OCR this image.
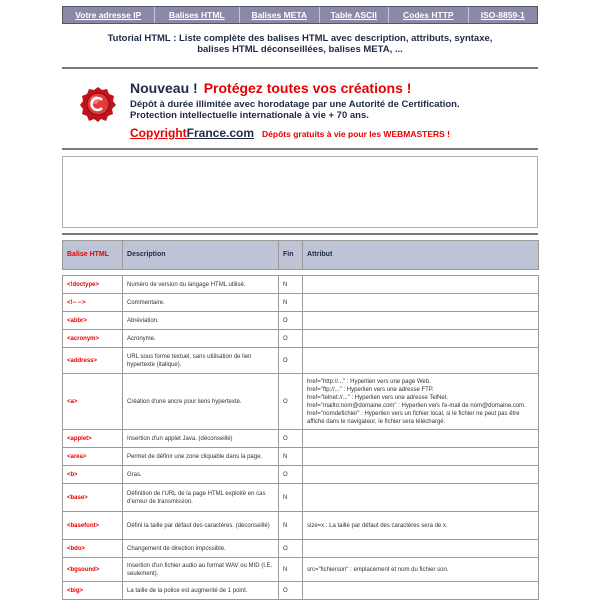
Votre adresse IP	Balises HTML	Balises META	Table ASCII	Codes HTTP	ISO-8859-1
Tutorial HTML : Liste complète des balises HTML avec description, attributs, syntaxe,
balises HTML déconseillées, balises META, ...
Nouveau ! Protégez toutes vos créations !
Dépôt à durée illimitée avec horodatage par une Autorité de Certification.
Protection intellectuelle internationale à vie + 70 ans.
CopyrightFrance.com Dépôts gratuits à vie pour les WEBMASTERS !
Balise HTML	Description	Fin	Attribut

<!doctype>	Numéro de version du langage HTML utilisé.	N	
<!-- -->	Commentaire.	N	
<abbr>	Abréviation.	O	
<acronym>	Acronyme.	O	
<address>	URL sous forme textuel, sans utilisation de lien hypertexte (italique).	O	
<a>	Création d'une ancre pour liens hypertexte.	O	href="http://..." : Hyperlien vers une page Web.
href="ftp://..." : Hyperlien vers une adresse FTP.
href="telnet://..." : Hyperlien vers une adresse TelNet.
href="mailto:nom@domaine.com" : Hyperlien vers l'e-mail de nom@domaine.com.
href="nomdefichier" : Hyperlien vers un fichier local, si le fichier ne peut pas être affiché dans le navigateur, le fichier sera téléchargé.
<applet>	Insertion d'un applet Java. (déconseillé)	O	
<area>	Permet de définir une zone cliquable dans la page.	N	
<b>	Gras.	O	
<base>	Définition de l'URL de la page HTML exploité en cas d'erreur de transmission.	N	
<basefont>	Défini la taille par défaut des caractères. (déconseillé)	N	size=x : La taille par défaut des caractères sera de x.
<bdo>	Changement de direction impossible.	O	
<bgsound>	Insertion d'un fichier audio au format WAV ou MID (I.E. seulement).	N	src="fichierson" : emplacement et nom du fichier son.
<big>	La taille de la police est augmenté de 1 point.	O	
